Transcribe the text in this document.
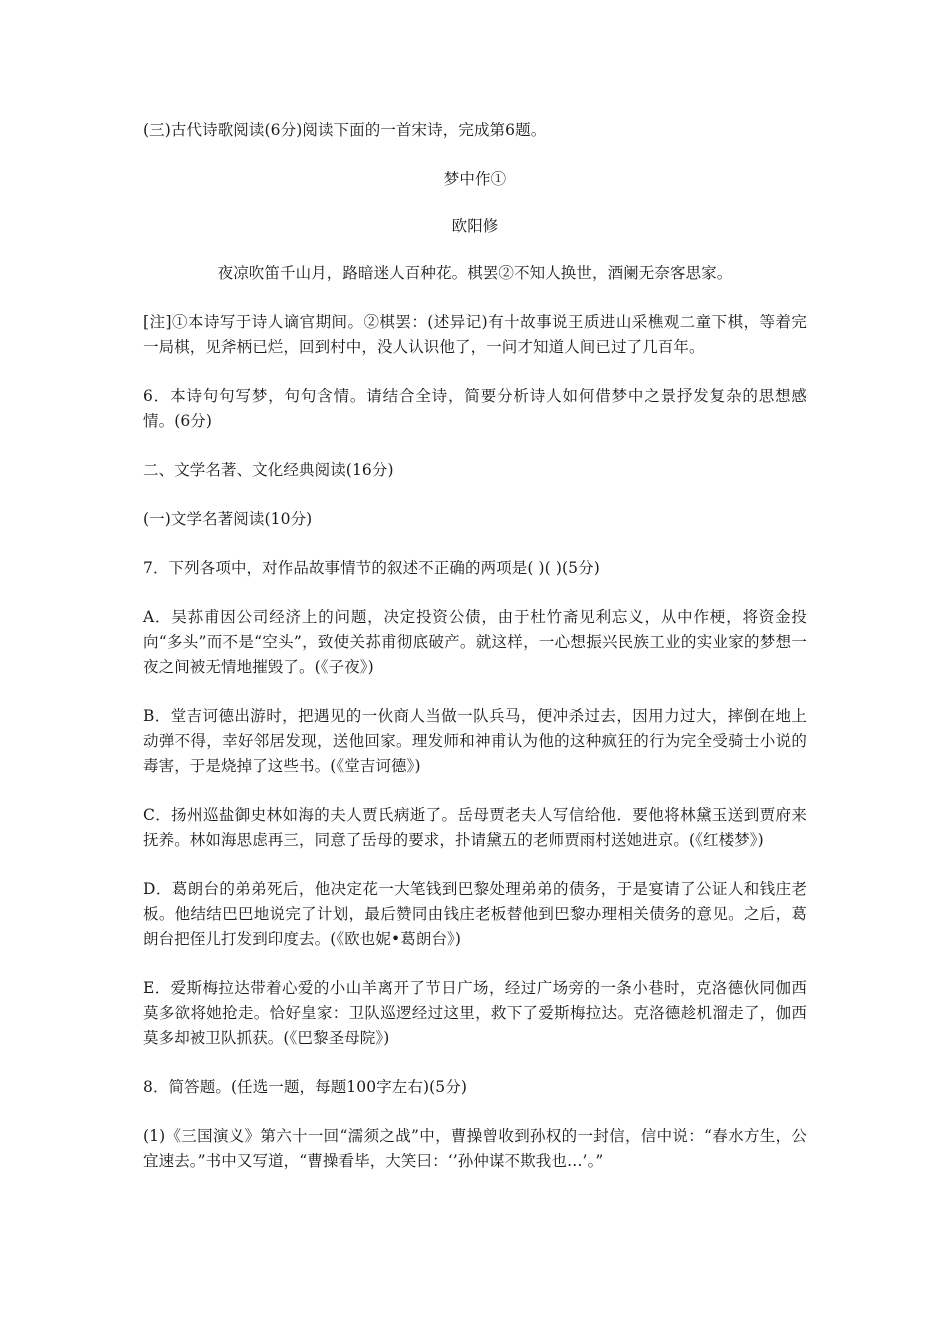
(三)古代诗歌阅读(6分)阅读下面的一首宋诗，完成第6题。

梦中作①

欧阳修

夜凉吹笛千山月，路暗迷人百种花。棋罢②不知人换世，酒阑无奈客思家。

[注]①本诗写于诗人谪官期间。②棋罢：(述异记)有十故事说王质进山采樵观二童下棋，等着完一局棋，见斧柄已烂，回到村中，没人认识他了，一问才知道人间已过了几百年。

6．本诗句句写梦，句句含情。请结合全诗，简要分析诗人如何借梦中之景抒发复杂的思想感情。(6分)

二、文学名著、文化经典阅读(16分)

(一)文学名著阅读(10分)

7．下列各项中，对作品故事情节的叙述不正确的两项是( )( )(5分)

A．吴荪甫因公司经济上的问题，决定投资公债，由于杜竹斋见利忘义，从中作梗，将资金投向“多头”而不是“空头”，致使关荪甫彻底破产。就这样，一心想振兴民族工业的实业家的梦想一夜之间被无情地摧毁了。(《子夜》)

B．堂吉诃德出游时，把遇见的一伙商人当做一队兵马，便冲杀过去，因用力过大，摔倒在地上动弹不得，幸好邻居发现，送他回家。理发师和神甫认为他的这种疯狂的行为完全受骑士小说的毒害，于是烧掉了这些书。(《堂吉诃德》)

C．扬州巡盐御史林如海的夫人贾氏病逝了。岳母贾老夫人写信给他．要他将林黛玉送到贾府来抚养。林如海思虑再三，同意了岳母的要求，扑请黛五的老师贾雨村送她进京。(《红楼梦》)

D．葛朗台的弟弟死后，他决定花一大笔钱到巴黎处理弟弟的债务，于是宴请了公证人和钱庄老板。他结结巴巴地说完了计划，最后赞同由钱庄老板替他到巴黎办理相关债务的意见。之后，葛朗台把侄儿打发到印度去。(《欧也妮•葛朗台》)

E．爱斯梅拉达带着心爱的小山羊离开了节日广场，经过广场旁的一条小巷时，克洛德伙同伽西莫多欲将她抢走。恰好皇家：卫队巡逻经过这里，救下了爱斯梅拉达。克洛德趁机溜走了，伽西莫多却被卫队抓获。(《巴黎圣母院》)

8．简答题。(任选一题，每题100字左右)(5分)

(1)《三国演义》第六十一回“濡须之战”中，曹操曾收到孙权的一封信，信中说：“春水方生，公宜速去。”书中又写道，“曹操看毕，大笑曰：‘’孙仲谋不欺我也…’。”
